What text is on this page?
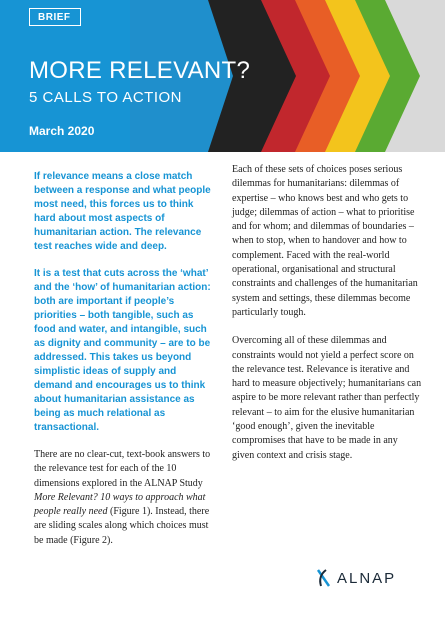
BRIEF
MORE RELEVANT?
5 CALLS TO ACTION
March 2020

If relevance means a close match between a response and what people most need, this forces us to think hard about most aspects of humanitarian action. The relevance test reaches wide and deep.

It is a test that cuts across the ‘what’ and the ‘how’ of humanitarian action: both are important if people’s priorities – both tangible, such as food and water, and intangible, such as dignity and community – are to be addressed. This takes us beyond simplistic ideas of supply and demand and encourages us to think about humanitarian assistance as being as much relational as transactional.

There are no clear-cut, text-book answers to the relevance test for each of the 10 dimensions explored in the ALNAP Study More Relevant? 10 ways to approach what people really need (Figure 1). Instead, there are sliding scales along which choices must be made (Figure 2).

Each of these sets of choices poses serious dilemmas for humanitarians: dilemmas of expertise – who knows best and who gets to judge; dilemmas of action – what to prioritise and for whom; and dilemmas of boundaries – when to stop, when to handover and how to complement. Faced with the real-world operational, organisational and structural constraints and challenges of the humanitarian system and settings, these dilemmas become particularly tough.

Overcoming all of these dilemmas and constraints would not yield a perfect score on the relevance test. Relevance is iterative and hard to measure objectively; humanitarians can aspire to be more relevant rather than perfectly relevant – to aim for the elusive humanitarian ‘good enough’, given the inevitable compromises that have to be made in any given context and crisis stage.

ALNAP
